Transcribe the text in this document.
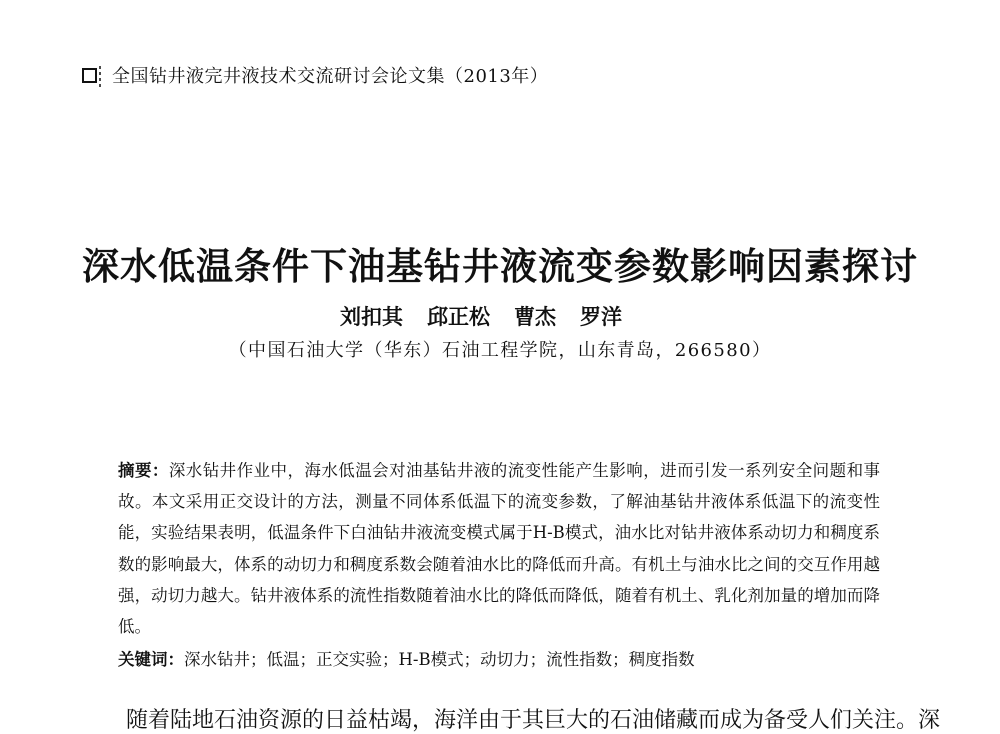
全国钻井液完井液技术交流研讨会论文集（2013年）
深水低温条件下油基钻井液流变参数影响因素探讨
刘扣其 邱正松 曹杰 罗洋
（中国石油大学（华东）石油工程学院，山东青岛，266580）
摘要：深水钻井作业中，海水低温会对油基钻井液的流变性能产生影响，进而引发一系列安全问题和事故。本文采用正交设计的方法，测量不同体系低温下的流变参数，了解油基钻井液体系低温下的流变性能，实验结果表明，低温条件下白油钻井液流变模式属于H-B模式，油水比对钻井液体系动切力和稠度系数的影响最大，体系的动切力和稠度系数会随着油水比的降低而升高。有机土与油水比之间的交互作用越强，动切力越大。钻井液体系的流性指数随着油水比的降低而降低，随着有机土、乳化剂加量的增加而降低。
关键词：深水钻井；低温；正交实验；H-B模式；动切力；流性指数；稠度指数
随着陆地石油资源的日益枯竭，海洋由于其巨大的石油储藏而成为备受人们关注。深
